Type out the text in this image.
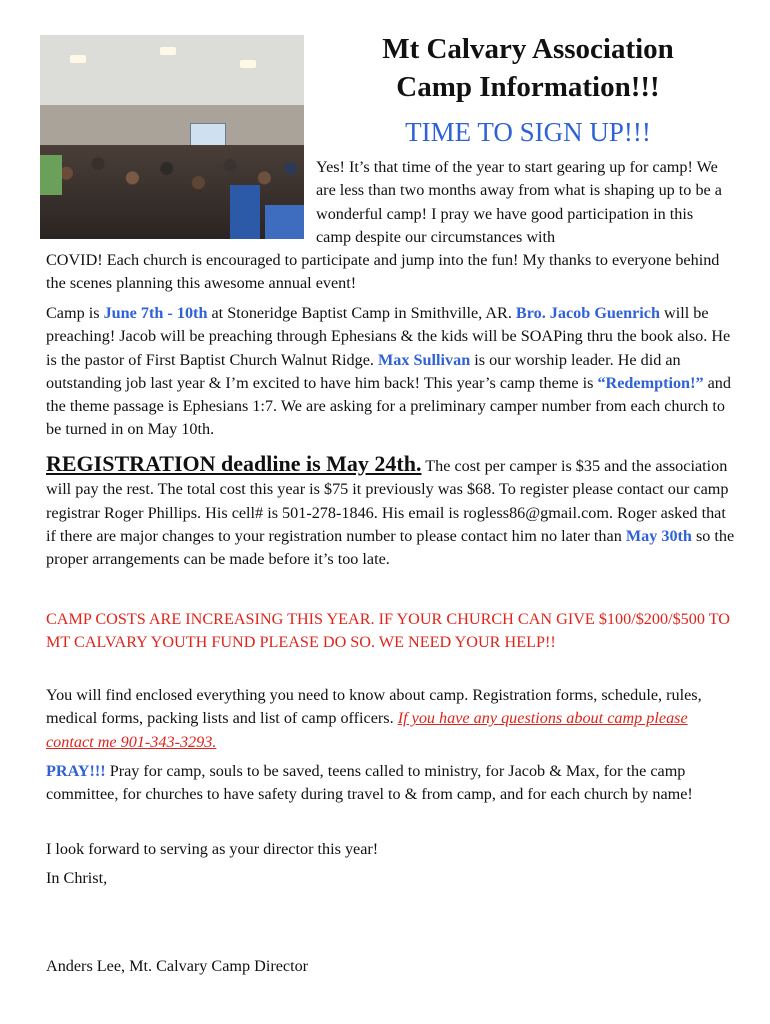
Mt Calvary Association
Camp Information!!!
TIME TO SIGN UP!!!
Yes! It’s that time of the year to start gearing up for camp! We are less than two months away from what is shaping up to be a wonderful camp! I pray we have good participation in this camp despite our circumstances with
COVID! Each church is encouraged to participate and jump into the fun! My thanks to everyone behind the scenes planning this awesome annual event!
Camp is June 7th - 10th at Stoneridge Baptist Camp in Smithville, AR. Bro. Jacob Guenrich will be preaching! Jacob will be preaching through Ephesians & the kids will be SOAPing thru the book also. He is the pastor of First Baptist Church Walnut Ridge. Max Sullivan is our worship leader. He did an outstanding job last year & I’m excited to have him back! This year’s camp theme is “Redemption!” and the theme passage is Ephesians 1:7. We are asking for a preliminary camper number from each church to be turned in on May 10th.
REGISTRATION deadline is May 24th. The cost per camper is $35 and the association will pay the rest. The total cost this year is $75 it previously was $68. To register please contact our camp registrar Roger Phillips. His cell# is 501-278-1846. His email is rogless86@gmail.com. Roger asked that if there are major changes to your registration number to please contact him no later than May 30th so the proper arrangements can be made before it’s too late.
CAMP COSTS ARE INCREASING THIS YEAR. IF YOUR CHURCH CAN GIVE $100/$200/$500 TO MT CALVARY YOUTH FUND PLEASE DO SO. WE NEED YOUR HELP!!
You will find enclosed everything you need to know about camp. Registration forms, schedule, rules, medical forms, packing lists and list of camp officers. If you have any questions about camp please contact me 901-343-3293.
PRAY!!! Pray for camp, souls to be saved, teens called to ministry, for Jacob & Max, for the camp committee, for churches to have safety during travel to & from camp, and for each church by name!
I look forward to serving as your director this year!
In Christ,
Anders Lee, Mt. Calvary Camp Director
